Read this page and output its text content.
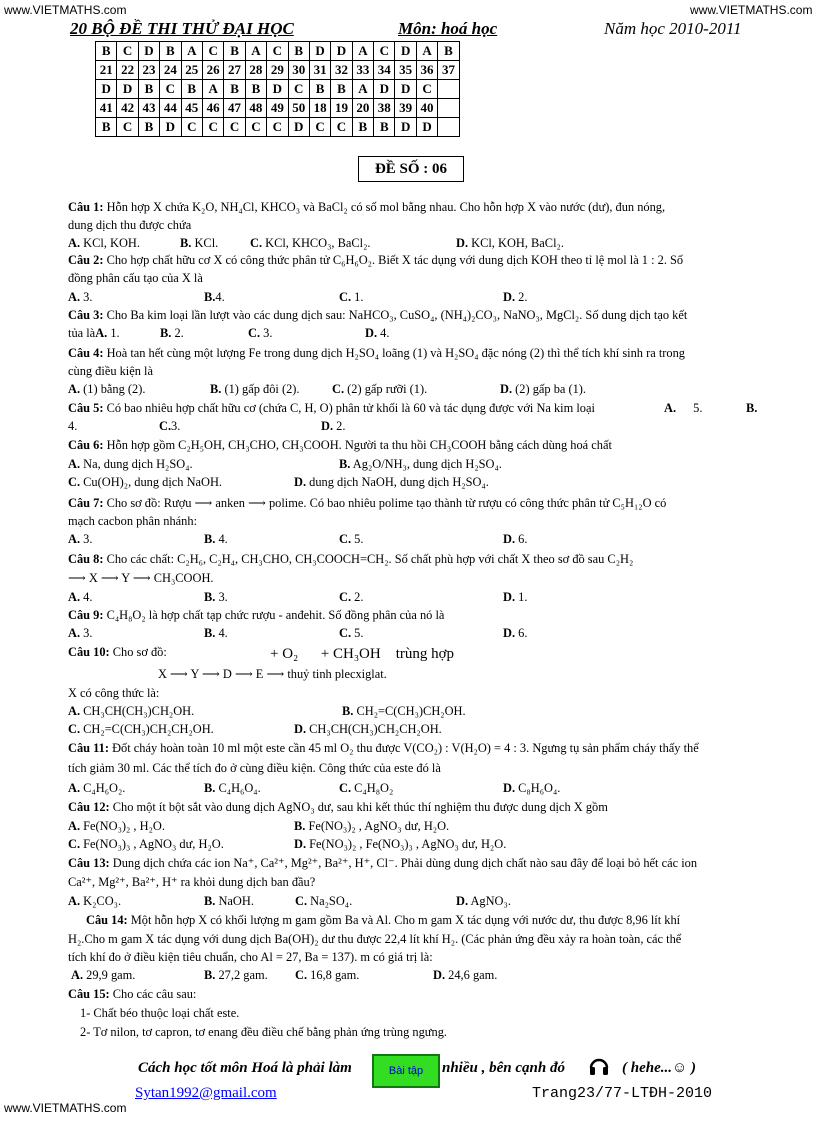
www.VIETMATHS.com	www.VIETMATHS.com
www.VIETMATHS.com
20 BỘ ĐỀ THI THỬ ĐẠI HỌC	Môn: hoá học	Năm học 2010-2011
B	C	D	B	A	C	B	A	C	B	D	D	A	C	D	A	B
21	22	23	24	25	26	27	28	29	30	31	32	33	34	35	36	37
D	D	B	C	B	A	B	B	D	C	B	B	A	D	D	C	
41	42	43	44	45	46	47	48	49	50	18	19	20	38	39	40	
B	C	B	D	C	C	C	C	C	D	C	C	B	B	D	D	
ĐỀ SỐ : 06
Câu 1: Hỗn hợp X chứa K₂O, NH₄Cl, KHCO₃ và BaCl₂ có số mol bằng nhau. Cho hỗn hợp X vào nước (dư), đun nóng,
dung dịch thu được chứa
A. KCl, KOH.	B. KCl.	C. KCl, KHCO₃, BaCl₂.	D. KCl, KOH, BaCl₂.
Câu 2: Cho hợp chất hữu cơ X có công thức phân tử C₆H₆O₂. Biết X tác dụng với dung dịch KOH theo tỉ lệ mol là 1 : 2. Số
đồng phân cấu tạo của X là
A. 3.	B.4.	C. 1.	D. 2.
Câu 3: Cho Ba kim loại lần lượt vào các dung dịch sau: NaHCO₃, CuSO₄, (NH₄)₂CO₃, NaNO₃, MgCl₂. Số dung dịch tạo kết
tủa làA. 1.	B. 2.	C. 3.	D. 4.
Câu 4: Hoà tan hết cùng một lượng Fe trong dung dịch H₂SO₄ loãng (1) và H₂SO₄ đặc nóng (2) thì thể tích khí sinh ra trong
cùng điều kiện là
A. (1) bằng (2).	B. (1) gấp đôi (2).	C. (2) gấp rưỡi (1).	D. (2) gấp ba (1).
Câu 5: Có bao nhiêu hợp chất hữu cơ (chứa C, H, O) phân tử khối là 60 và tác dụng được với Na kim loại	A. 5.	B.
4.	C.3.	D. 2.
Câu 6: Hỗn hợp gồm C₂H₅OH, CH₃CHO, CH₃COOH. Người ta thu hồi CH₃COOH bằng cách dùng hoá chất
A. Na, dung dịch H₂SO₄.	B. Ag₂O/NH₃, dung dịch H₂SO₄.
C. Cu(OH)₂, dung dịch NaOH.	D. dung dịch NaOH, dung dịch H₂SO₄.
Câu 7: Cho sơ đồ: Rượu ⟶ anken ⟶ polime. Có bao nhiêu polime tạo thành từ rượu có công thức phân tử C₅H₁₂O có
mạch cacbon phân nhánh:
A. 3.	B. 4.	C. 5.	D. 6.
Câu 8: Cho các chất: C₂H₆, C₂H₄, CH₃CHO, CH₃COOCH=CH₂. Số chất phù hợp với chất X theo sơ đồ sau C₂H₂
⟶ X ⟶ Y ⟶ CH₃COOH.
A. 4.	B. 3.	C. 2.	D. 1.
Câu 9: C₄H₈O₂ là hợp chất tạp chức rượu - anđehit. Số đồng phân của nó là
A. 3.	B. 4.	C. 5.	D. 6.
Câu 10: Cho sơ đồ:	+ O₂      + CH₃OH    trùng hợp
X ⟶ Y ⟶ D ⟶ E ⟶ thuỷ tinh plecxiglat.
X có công thức là:
A. CH₃CH(CH₃)CH₂OH.	B. CH₂=C(CH₃)CH₂OH.
C. CH₂=C(CH₃)CH₂CH₂OH.	D. CH₃CH(CH₃)CH₂CH₂OH.
Câu 11: Đốt cháy hoàn toàn 10 ml một este cần 45 ml O₂ thu được V(CO₂) : V(H₂O) = 4 : 3. Ngưng tụ sản phẩm cháy thấy thể
tích giảm 30 ml. Các thể tích đo ở cùng điều kiện. Công thức của este đó là
A. C₄H₆O₂.	B. C₄H₆O₄.	C. C₄H₈O₂	D. C₈H₆O₄.
Câu 12: Cho một ít bột sắt vào dung dịch AgNO₃ dư, sau khi kết thúc thí nghiệm thu được dung dịch X gồm
A. Fe(NO₃)₂ , H₂O.	B. Fe(NO₃)₂ , AgNO₃ dư, H₂O.
C. Fe(NO₃)₃ , AgNO₃ dư, H₂O.	D. Fe(NO₃)₂ , Fe(NO₃)₃ , AgNO₃ dư, H₂O.
Câu 13: Dung dịch chứa các ion Na⁺, Ca²⁺, Mg²⁺, Ba²⁺, H⁺, Cl⁻. Phải dùng dung dịch chất nào sau đây để loại bỏ hết các ion
Ca²⁺, Mg²⁺, Ba²⁺, H⁺ ra khỏi dung dịch ban đầu?
A. K₂CO₃.	B. NaOH.	C. Na₂SO₄.	D. AgNO₃.
Câu 14: Một hỗn hợp X có khối lượng m gam gồm Ba và Al. Cho m gam X tác dụng với nước dư, thu được 8,96 lít khí
H₂.Cho m gam X tác dụng với dung dịch Ba(OH)₂ dư thu được 22,4 lít khí H₂. (Các phản ứng đều xảy ra hoàn toàn, các thể
tích khí đo ở điều kiện tiêu chuẩn, cho Al = 27, Ba = 137). m có giá trị là:
A. 29,9 gam.	B. 27,2 gam. C. 16,8 gam.	D. 24,6 gam.
Câu 15: Cho các câu sau:
1- Chất béo thuộc loại chất este.
2- Tơ nilon, tơ capron, tơ enang đều điều chế bằng phản ứng trùng ngưng.
Cách học tốt môn Hoá là phải làm	Bài tập	nhiều , bên cạnh đó	( hehe...☺ )
Sytan1992@gmail.com	Trang23/77-LTĐH-2010
